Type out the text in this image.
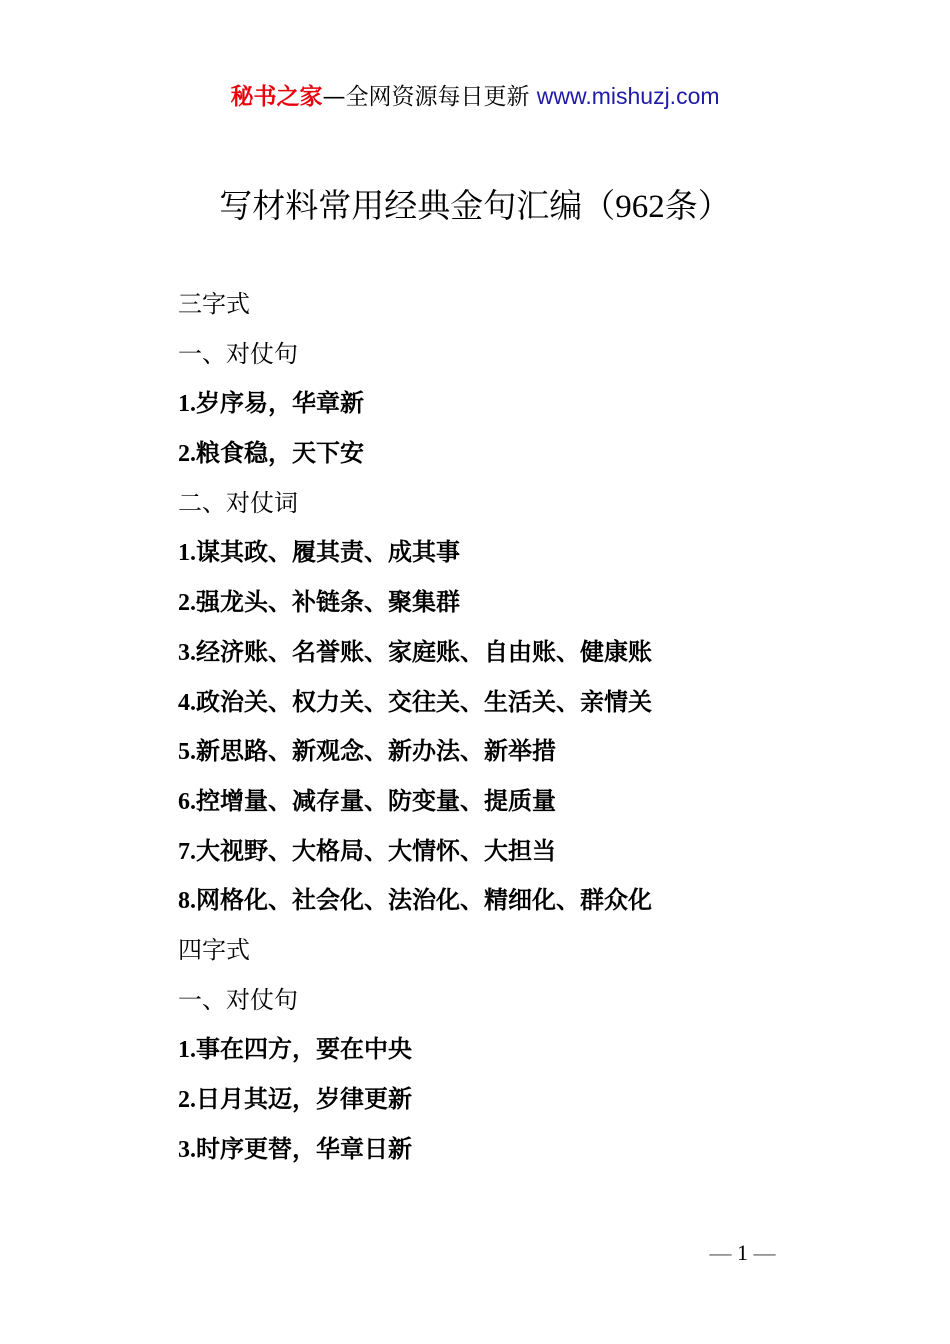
秘书之家—全网资源每日更新 www.mishuzj.com
写材料常用经典金句汇编（962条）
三字式
一、对仗句
1.岁序易，华章新
2.粮食稳，天下安
二、对仗词
1.谋其政、履其责、成其事
2.强龙头、补链条、聚集群
3.经济账、名誉账、家庭账、自由账、健康账
4.政治关、权力关、交往关、生活关、亲情关
5.新思路、新观念、新办法、新举措
6.控增量、减存量、防变量、提质量
7.大视野、大格局、大情怀、大担当
8.网格化、社会化、法治化、精细化、群众化
四字式
一、对仗句
1.事在四方，要在中央
2.日月其迈，岁律更新
3.时序更替，华章日新
— 1 —
